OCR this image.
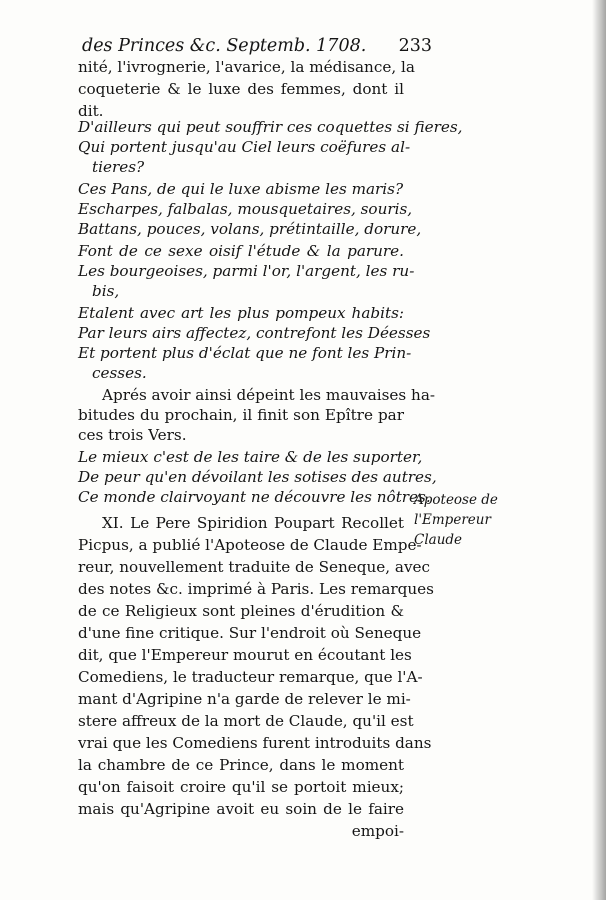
des Princes &c. Septemb. 1708. 233
nité, l'ivrognerie, l'avarice, la médisance, la
coqueterie & le luxe des femmes, dont il
dit.
D'ailleurs qui peut souffrir ces coquettes si fieres,
Qui portent jusqu'au Ciel leurs coëfures al-
tieres?
Ces Pans, de qui le luxe abisme les maris?
Escharpes, falbalas, mousquetaires, souris,
Battans, pouces, volans, prétintaille, dorure,
Font de ce sexe oisif l'étude & la parure.
Les bourgeoises, parmi l'or, l'argent, les ru-
bis,
Etalent avec art les plus pompeux habits:
Par leurs airs affectez, contrefont les Déesses
Et portent plus d'éclat que ne font les Prin-
cesses.
Aprés avoir ainsi dépeint les mauvaises ha-
bitudes du prochain, il finit son Epître par
ces trois Vers.
Le mieux c'est de les taire & de les suporter,
De peur qu'en dévoilant les sotises des autres,
Ce monde clairvoyant ne découvre les nôtres.
XI. Le Pere Spiridion Poupart Recollet
Picpus, a publié l'Apoteose de Claude Empe-
reur, nouvellement traduite de Seneque, avec
des notes &c. imprimé à Paris. Les remarques
de ce Religieux sont pleines d'érudition &
d'une fine critique. Sur l'endroit où Seneque
dit, que l'Empereur mourut en écoutant les
Comediens, le traducteur remarque, que l'A-
mant d'Agripine n'a garde de relever le mi-
stere affreux de la mort de Claude, qu'il est
vrai que les Comediens furent introduits dans
la chambre de ce Prince, dans le moment
qu'on faisoit croire qu'il se portoit mieux;
mais qu'Agripine avoit eu soin de le faire
empoi-
Apoteose de
l'Empereur
Claude
